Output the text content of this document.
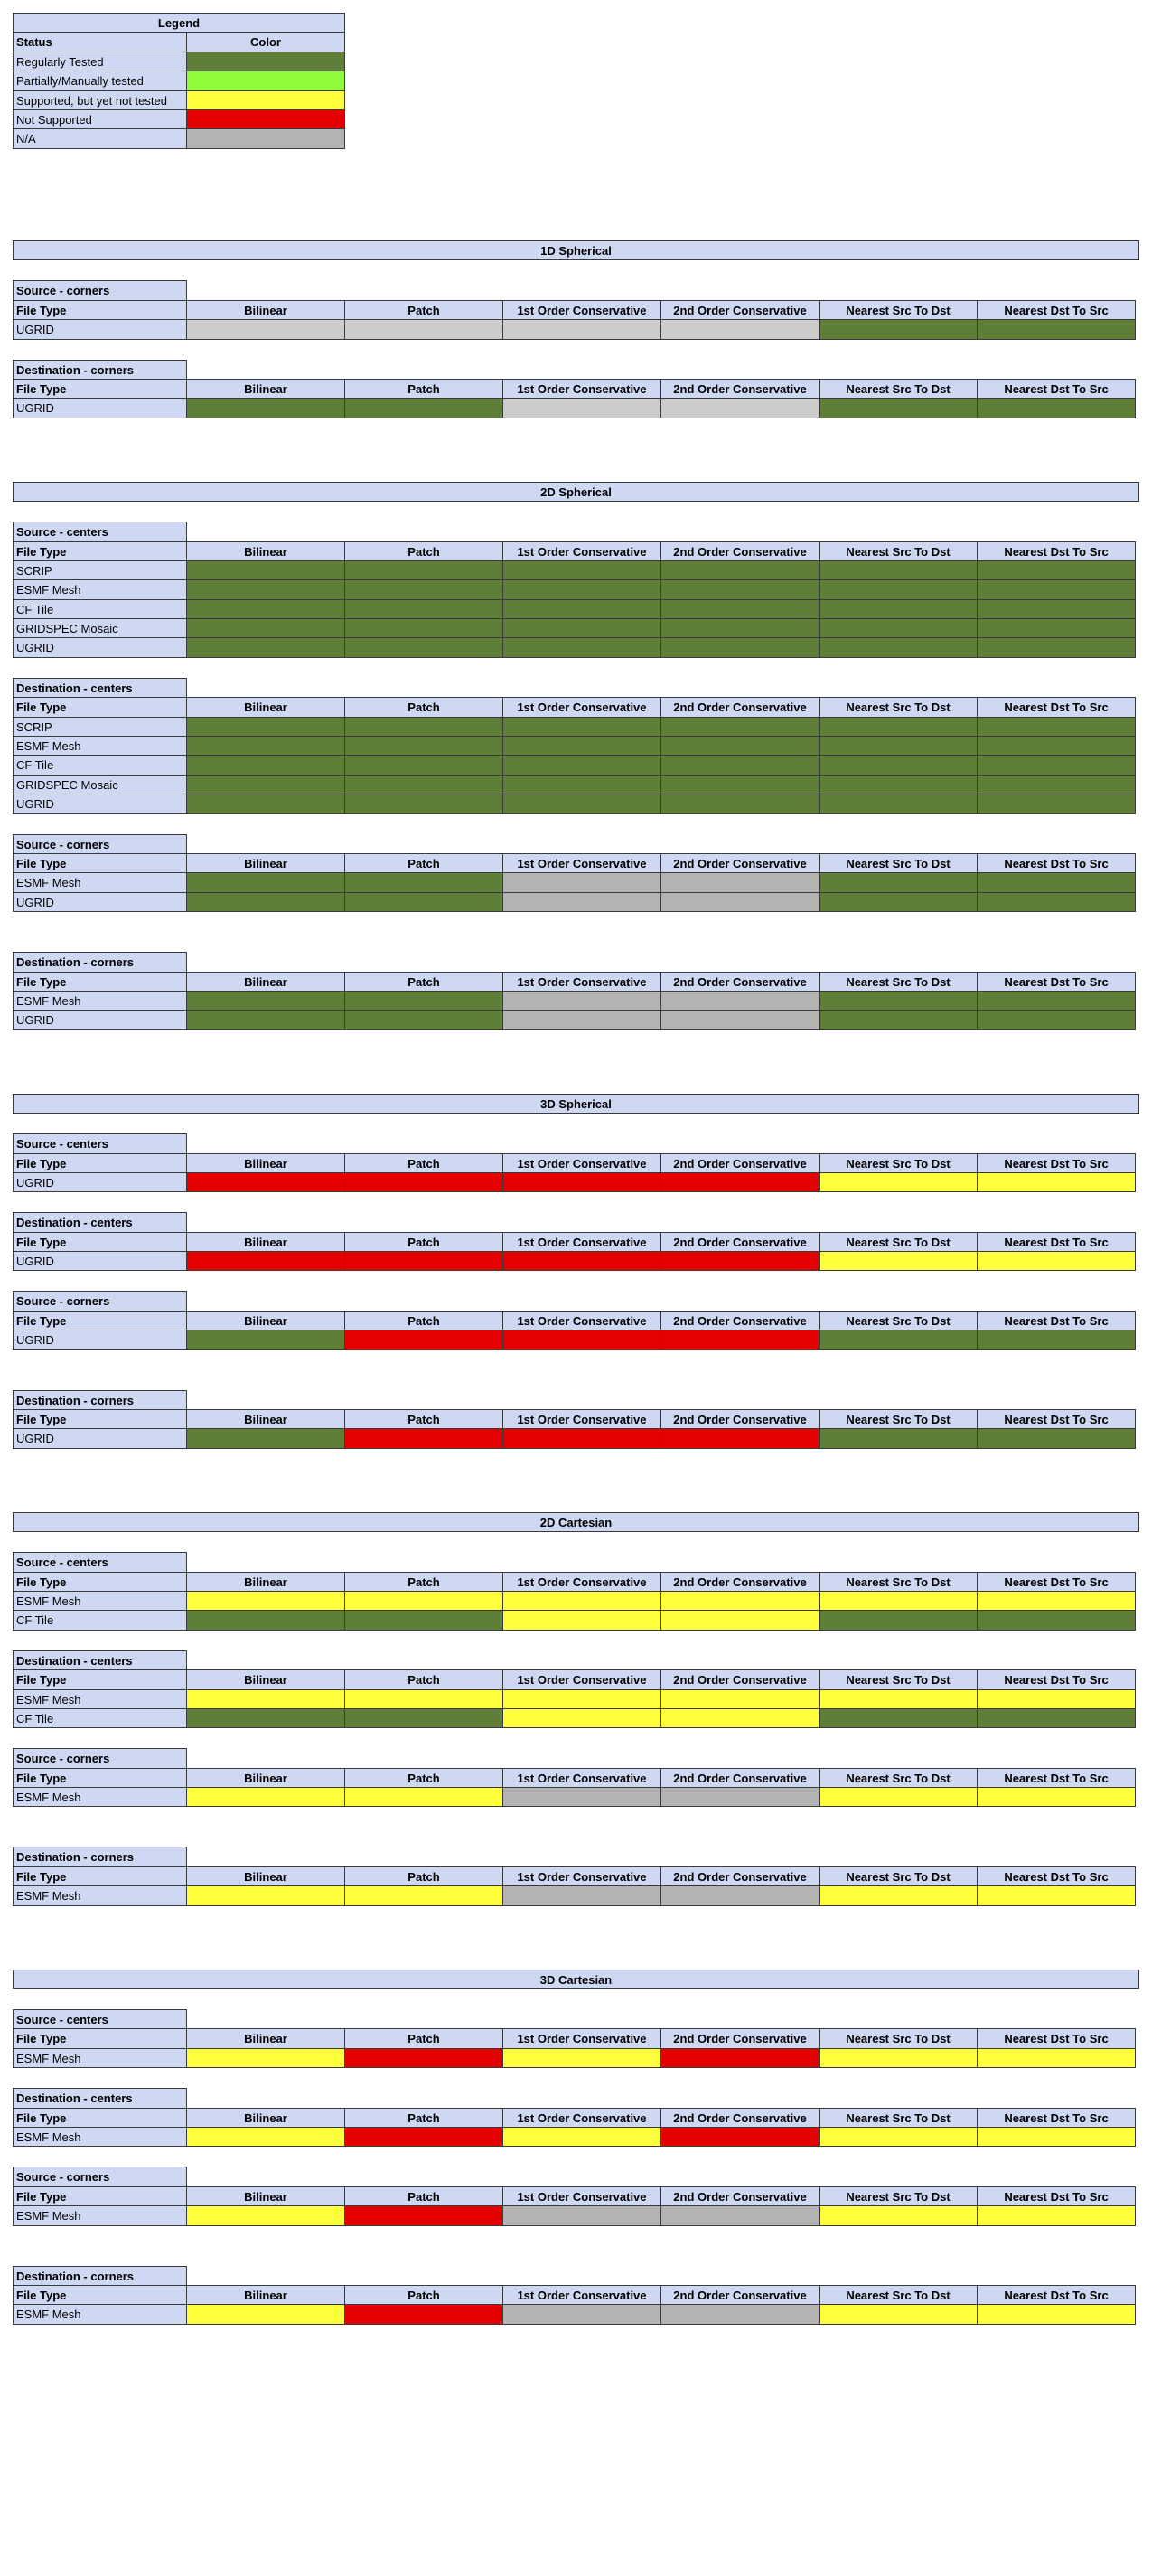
Legend
Status	Color
Regularly Tested
Partially/Manually tested
Supported, but yet not tested
Not Supported
N/A
1D Spherical
Source - corners
File Type	Bilinear	Patch	1st Order Conservative	2nd Order Conservative	Nearest Src To Dst	Nearest Dst To Src
UGRID
Destination - corners
File Type	Bilinear	Patch	1st Order Conservative	2nd Order Conservative	Nearest Src To Dst	Nearest Dst To Src
UGRID
2D Spherical
Source - centers
File Type	Bilinear	Patch	1st Order Conservative	2nd Order Conservative	Nearest Src To Dst	Nearest Dst To Src
SCRIP
ESMF Mesh
CF Tile
GRIDSPEC Mosaic
UGRID
Destination - centers
File Type	Bilinear	Patch	1st Order Conservative	2nd Order Conservative	Nearest Src To Dst	Nearest Dst To Src
SCRIP
ESMF Mesh
CF Tile
GRIDSPEC Mosaic
UGRID
Source - corners
File Type	Bilinear	Patch	1st Order Conservative	2nd Order Conservative	Nearest Src To Dst	Nearest Dst To Src
ESMF Mesh
UGRID
Destination - corners
File Type	Bilinear	Patch	1st Order Conservative	2nd Order Conservative	Nearest Src To Dst	Nearest Dst To Src
ESMF Mesh
UGRID
3D Spherical
Source - centers
File Type	Bilinear	Patch	1st Order Conservative	2nd Order Conservative	Nearest Src To Dst	Nearest Dst To Src
UGRID
Destination - centers
File Type	Bilinear	Patch	1st Order Conservative	2nd Order Conservative	Nearest Src To Dst	Nearest Dst To Src
UGRID
Source - corners
File Type	Bilinear	Patch	1st Order Conservative	2nd Order Conservative	Nearest Src To Dst	Nearest Dst To Src
UGRID
Destination - corners
File Type	Bilinear	Patch	1st Order Conservative	2nd Order Conservative	Nearest Src To Dst	Nearest Dst To Src
UGRID
2D Cartesian
Source - centers
File Type	Bilinear	Patch	1st Order Conservative	2nd Order Conservative	Nearest Src To Dst	Nearest Dst To Src
ESMF Mesh
CF Tile
Destination - centers
File Type	Bilinear	Patch	1st Order Conservative	2nd Order Conservative	Nearest Src To Dst	Nearest Dst To Src
ESMF Mesh
CF Tile
Source - corners
File Type	Bilinear	Patch	1st Order Conservative	2nd Order Conservative	Nearest Src To Dst	Nearest Dst To Src
ESMF Mesh
Destination - corners
File Type	Bilinear	Patch	1st Order Conservative	2nd Order Conservative	Nearest Src To Dst	Nearest Dst To Src
ESMF Mesh
3D Cartesian
Source - centers
File Type	Bilinear	Patch	1st Order Conservative	2nd Order Conservative	Nearest Src To Dst	Nearest Dst To Src
ESMF Mesh
Destination - centers
File Type	Bilinear	Patch	1st Order Conservative	2nd Order Conservative	Nearest Src To Dst	Nearest Dst To Src
ESMF Mesh
Source - corners
File Type	Bilinear	Patch	1st Order Conservative	2nd Order Conservative	Nearest Src To Dst	Nearest Dst To Src
ESMF Mesh
Destination - corners
File Type	Bilinear	Patch	1st Order Conservative	2nd Order Conservative	Nearest Src To Dst	Nearest Dst To Src
ESMF Mesh
